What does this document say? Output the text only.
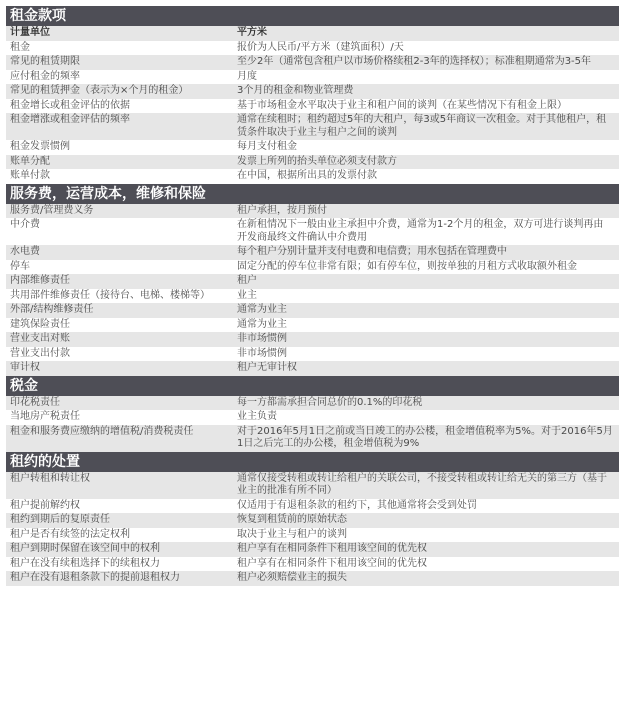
租金款项
计量单位	平方米
租金	报价为人民币/平方米（建筑面积）/天
常见的租赁期限	至少2年（通常包含租户以市场价格续租2-3年的选择权）；标准租期通常为3-5年
应付租金的频率	月度
常见的租赁押金（表示为×个月的租金）	3个月的租金和物业管理费
租金增长或租金评估的依据	基于市场租金水平取决于业主和租户间的谈判（在某些情况下有租金上限）
租金增涨或租金评估的频率	通常在续租时；租约超过5年的大租户，每3或5年商议一次租金。对于其他租户，租赁条件取决于业主与租户之间的谈判
租金发票惯例	每月支付租金
账单分配	发票上所列的抬头单位必须支付款方
账单付款	在中国，根据所出具的发票付款
服务费，运营成本，维修和保险
服务费/管理费义务	租户承担，按月预付
中介费	在新租情况下一般由业主承担中介费，通常为1-2个月的租金，双方可进行谈判再由开发商最终文件确认中介费用
水电费	每个租户分别计量并支付电费和电信费；用水包括在管理费中
停车	固定分配的停车位非常有限；如有停车位，则按单独的月租方式收取额外租金
内部维修责任	租户
共用部件维修责任（接待台、电梯、楼梯等）	业主
外部/结构维修责任	通常为业主
建筑保险责任	通常为业主
营业支出对账	非市场惯例
营业支出付款	非市场惯例
审计权	租户无审计权
税金
印花税责任	每一方都需承担合同总价的0.1%的印花税
当地房产税责任	业主负责
租金和服务费应缴纳的增值税/消费税责任	对于2016年5月1日之前或当日竣工的办公楼，租金增值税率为5%。对于2016年5月1日之后完工的办公楼，租金增值税为9%
租约的处置
租户转租和转让权	通常仅接受转租或转让给租户的关联公司，不接受转租或转让给无关的第三方（基于业主的批准有所不同）
租户提前解约权	仅适用于有退租条款的租约下，其他通常将会受到处罚
租约到期后的复原责任	恢复到租赁前的原始状态
租户是否有续签的法定权利	取决于业主与租户的谈判
租户到期时保留在该空间中的权利	租户享有在相同条件下租用该空间的优先权
租户在没有续租选择下的续租权力	租户享有在相同条件下租用该空间的优先权
租户在没有退租条款下的提前退租权力	租户必须赔偿业主的损失
